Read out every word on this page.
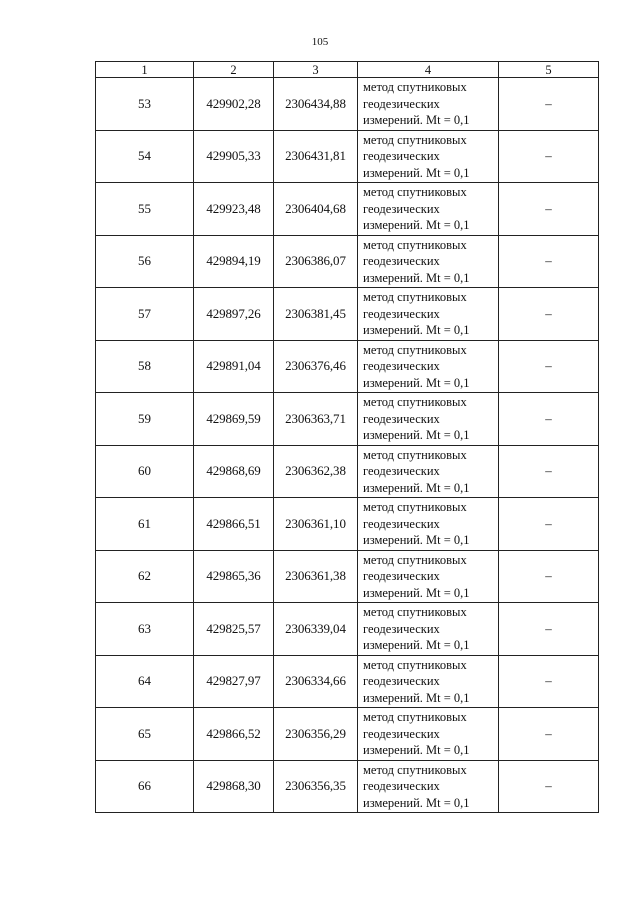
105
1	2	3	4	5
53	429902,28	2306434,88	метод спутниковых
геодезических
измерений. Mt = 0,1	–
54	429905,33	2306431,81	метод спутниковых
геодезических
измерений. Mt = 0,1	–
55	429923,48	2306404,68	метод спутниковых
геодезических
измерений. Mt = 0,1	–
56	429894,19	2306386,07	метод спутниковых
геодезических
измерений. Mt = 0,1	–
57	429897,26	2306381,45	метод спутниковых
геодезических
измерений. Mt = 0,1	–
58	429891,04	2306376,46	метод спутниковых
геодезических
измерений. Mt = 0,1	–
59	429869,59	2306363,71	метод спутниковых
геодезических
измерений. Mt = 0,1	–
60	429868,69	2306362,38	метод спутниковых
геодезических
измерений. Mt = 0,1	–
61	429866,51	2306361,10	метод спутниковых
геодезических
измерений. Mt = 0,1	–
62	429865,36	2306361,38	метод спутниковых
геодезических
измерений. Mt = 0,1	–
63	429825,57	2306339,04	метод спутниковых
геодезических
измерений. Mt = 0,1	–
64	429827,97	2306334,66	метод спутниковых
геодезических
измерений. Mt = 0,1	–
65	429866,52	2306356,29	метод спутниковых
геодезических
измерений. Mt = 0,1	–
66	429868,30	2306356,35	метод спутниковых
геодезических
измерений. Mt = 0,1	–
